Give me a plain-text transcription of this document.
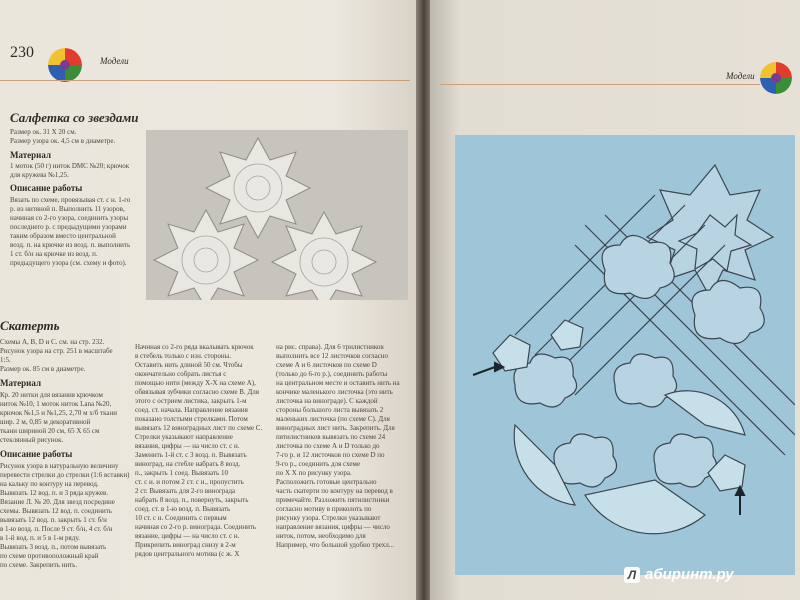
230	Модели
Салфетка со звездами
Размер ок. 31 Х 20 см.
Размер узора ок. 4,5 см в диаметре.
Материал
1 моток (50 г) ниток DMC №20; крючок
для кружева №1,25.
Описание работы
Вязать по схеме, провязывая ст. с н. 1-го
р. из нитяной п. Выполнить 11 узоров,
начиная со 2-го узора, соединить узоры
последнего р. с предыдущими узорами
таким образом вместо центральной
возд. п. на крючке из возд. п. выполнить
1 ст. б/н на крючке из возд. п.
предыдущего узора (см. схему и фото).
Скатерть
Схемы А, В, D и С. см. на стр. 232.
Рисунок узора на стр. 251 в масштабе
1:5.
Размер ок. 85 см в диаметре.
Материал
Кр. 20 нитки для вязания крючком
ниток №10, 1 моток ниток Lana №20,
крючок №1,5 и №1,25, 2,70 м х/б ткани
шир. 2 м, 0,85 м декоративной
ткани шириной 20 см, 65 Х 65 см
стеклянный рисунок.
Описание работы
Рисунок узора в натуральную величину
перевести стрелки до стрелки (1:6 вставки)
на кальку по контуру на перевод.
Вывязать 12 вод. п. и 3 ряда кружев.
Вязание Л. № 20. Для звезд посредине
схемы. Вывязать 12 вод. п. соединить
вывязать 12 вод. п. закрыть 1 ст. б/н
в 1-ю возд. п. После 9 ст. б/н, 4 ст. б/н
в 1-й вод. п. и 5 в 1-м ряду.
Вывязать 3 возд. п., потом вывязать
по схеме противоположный край
по схеме. Закрепить нить.
Начиная со 2-го ряда вкалывать крючок
в стебель только с изн. стороны.
Оставить нить длиной 50 см. Чтобы
окончательно собрать листья с
помощью нити (между X-X на схеме А),
обвязывая зубчики согласно схеме B. Для
этого с острием листика, закрыть 1-м
соед. ст. начала. Направление вязания
показано толстыми стрелками. Потом
вывязать 12 виноградных лист по схеме С.
Стрелки указывают направление
вязания, цифры — на число ст. с н.
Заменить 1-й ст. с 3 возд. п. Вывязать
виноград, на стебле набрать 8 возд.
п., закрыть 1 соед. Вывязать 10
ст. с н. и потом 2 ст. с н., пропустить
2 ст. Вывязать для 2-го винограда
набрать 8 возд. п., повернуть, закрыть
соед. ст. в 1-ю возд. п. Вывязать
10 ст. с н. Соединить с первым
начиная со 2-го р. винограда. Соединить
вязание, цифры — на число ст. с н.
Прикрепить виноград снизу в 2-м
рядов центрального мотива (с ж. X
на рис. справа). Для 6 трилистников
выполнить все 12 листочков согласно
схеме А и 6 листочков по схеме D
(только до 6-го р.), соединить работы
на центральном месте и оставить нить на
кончике маленького листочка (это нить
листочка на винограде). С каждой
стороны большого листа вывязать 2
маленьких листочка (по схеме С). Для
виноградных лист нить. Закрепить. Для
пятилистников вывязать по схеме 24
листочка по схеме А и D только до
7-го р. и 12 листочков по схеме D по
9-го р., соединить для схеме
по X X по рисунку узора.
Расположить готовые центрально
часть скатерти по контуру на перевод в
примечайте. Разложить пятилистники
согласно мотиву в приколоть по
рисунку узора. Стрелки указывают
направление вязания, цифры — число
ниток, потом, необходимо для
Например, что большой удобно трехл...
Модели
Л абиринт.ру
